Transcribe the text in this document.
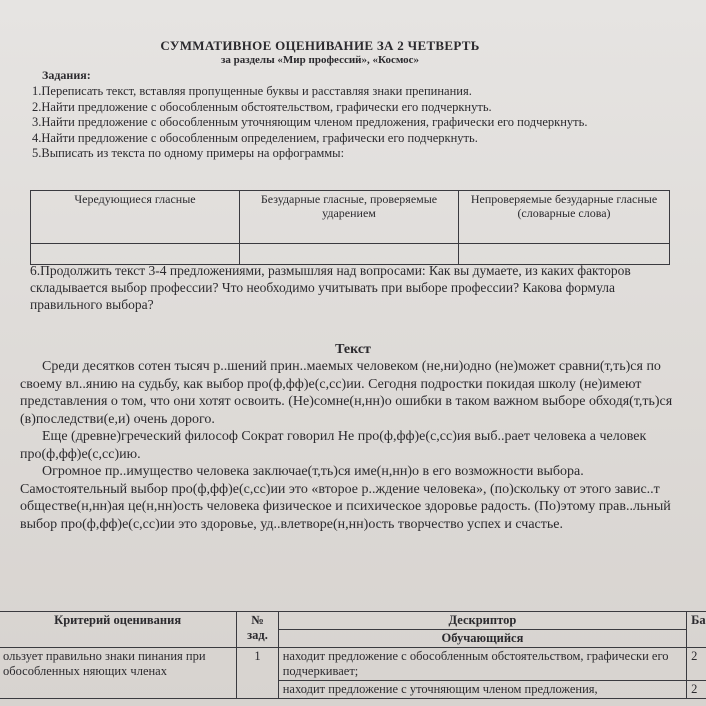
СУММАТИВНОЕ ОЦЕНИВАНИЕ ЗА 2 ЧЕТВЕРТЬ
за разделы «Мир профессий», «Космос»
Задания:
1.Переписать текст, вставляя пропущенные буквы и расставляя знаки препинания.
2.Найти предложение с обособленным обстоятельством, графически его подчеркнуть.
3.Найти предложение с обособленным уточняющим членом предложения, графически его подчеркнуть.
4.Найти предложение с обособленным определением, графически его подчеркнуть.
5.Выписать из текста по одному примеры на орфограммы:
Чередующиеся гласные	Безударные гласные, проверяемые ударением	Непроверяемые безударные гласные (словарные слова)

6.Продолжить текст 3-4 предложениями, размышляя над вопросами: Как вы думаете, из каких факторов складывается выбор профессии? Что необходимо учитывать при выборе профессии? Какова формула правильного выбора?
Текст

Среди десятков сотен тысяч р..шений прин..маемых человеком (не,ни)одно (не)может сравни(т,ть)ся по своему вл..янию на судьбу, как выбор про(ф,фф)е(с,сс)ии. Сегодня подростки покидая школу (не)имеют представления о том, что они хотят освоить. (Не)сомне(н,нн)о ошибки в таком важном выборе обходя(т,ть)ся (в)последстви(е,и) очень дорого.

Еще (древне)греческий философ Сократ говорил Не про(ф,фф)е(с,сс)ия выб..рает человека а человек про(ф,фф)е(с,сс)ию.

Огромное пр..имущество человека заключае(т,ть)ся име(н,нн)о в его возможности выбора. Самостоятельный выбор про(ф,фф)е(с,сс)ии это «второе р..ждение человека», (по)скольку от этого завис..т обществе(н,нн)ая це(н,нн)ость человека физическое и психическое здоровье радость. (По)этому прав..льный выбор про(ф,фф)е(с,сс)ии это здоровье, уд..влетворе(н,нн)ость творчество успех и счастье.

Критерий оценивания	№ зад.	Дескриптор	Ба
		Обучающийся	
ользует правильно знаки пинания при обособленных няющих членах	1	находит предложение с обособленным обстоятельством, графически его подчеркивает;	2
		находит предложение с уточняющим членом предложения,	2
